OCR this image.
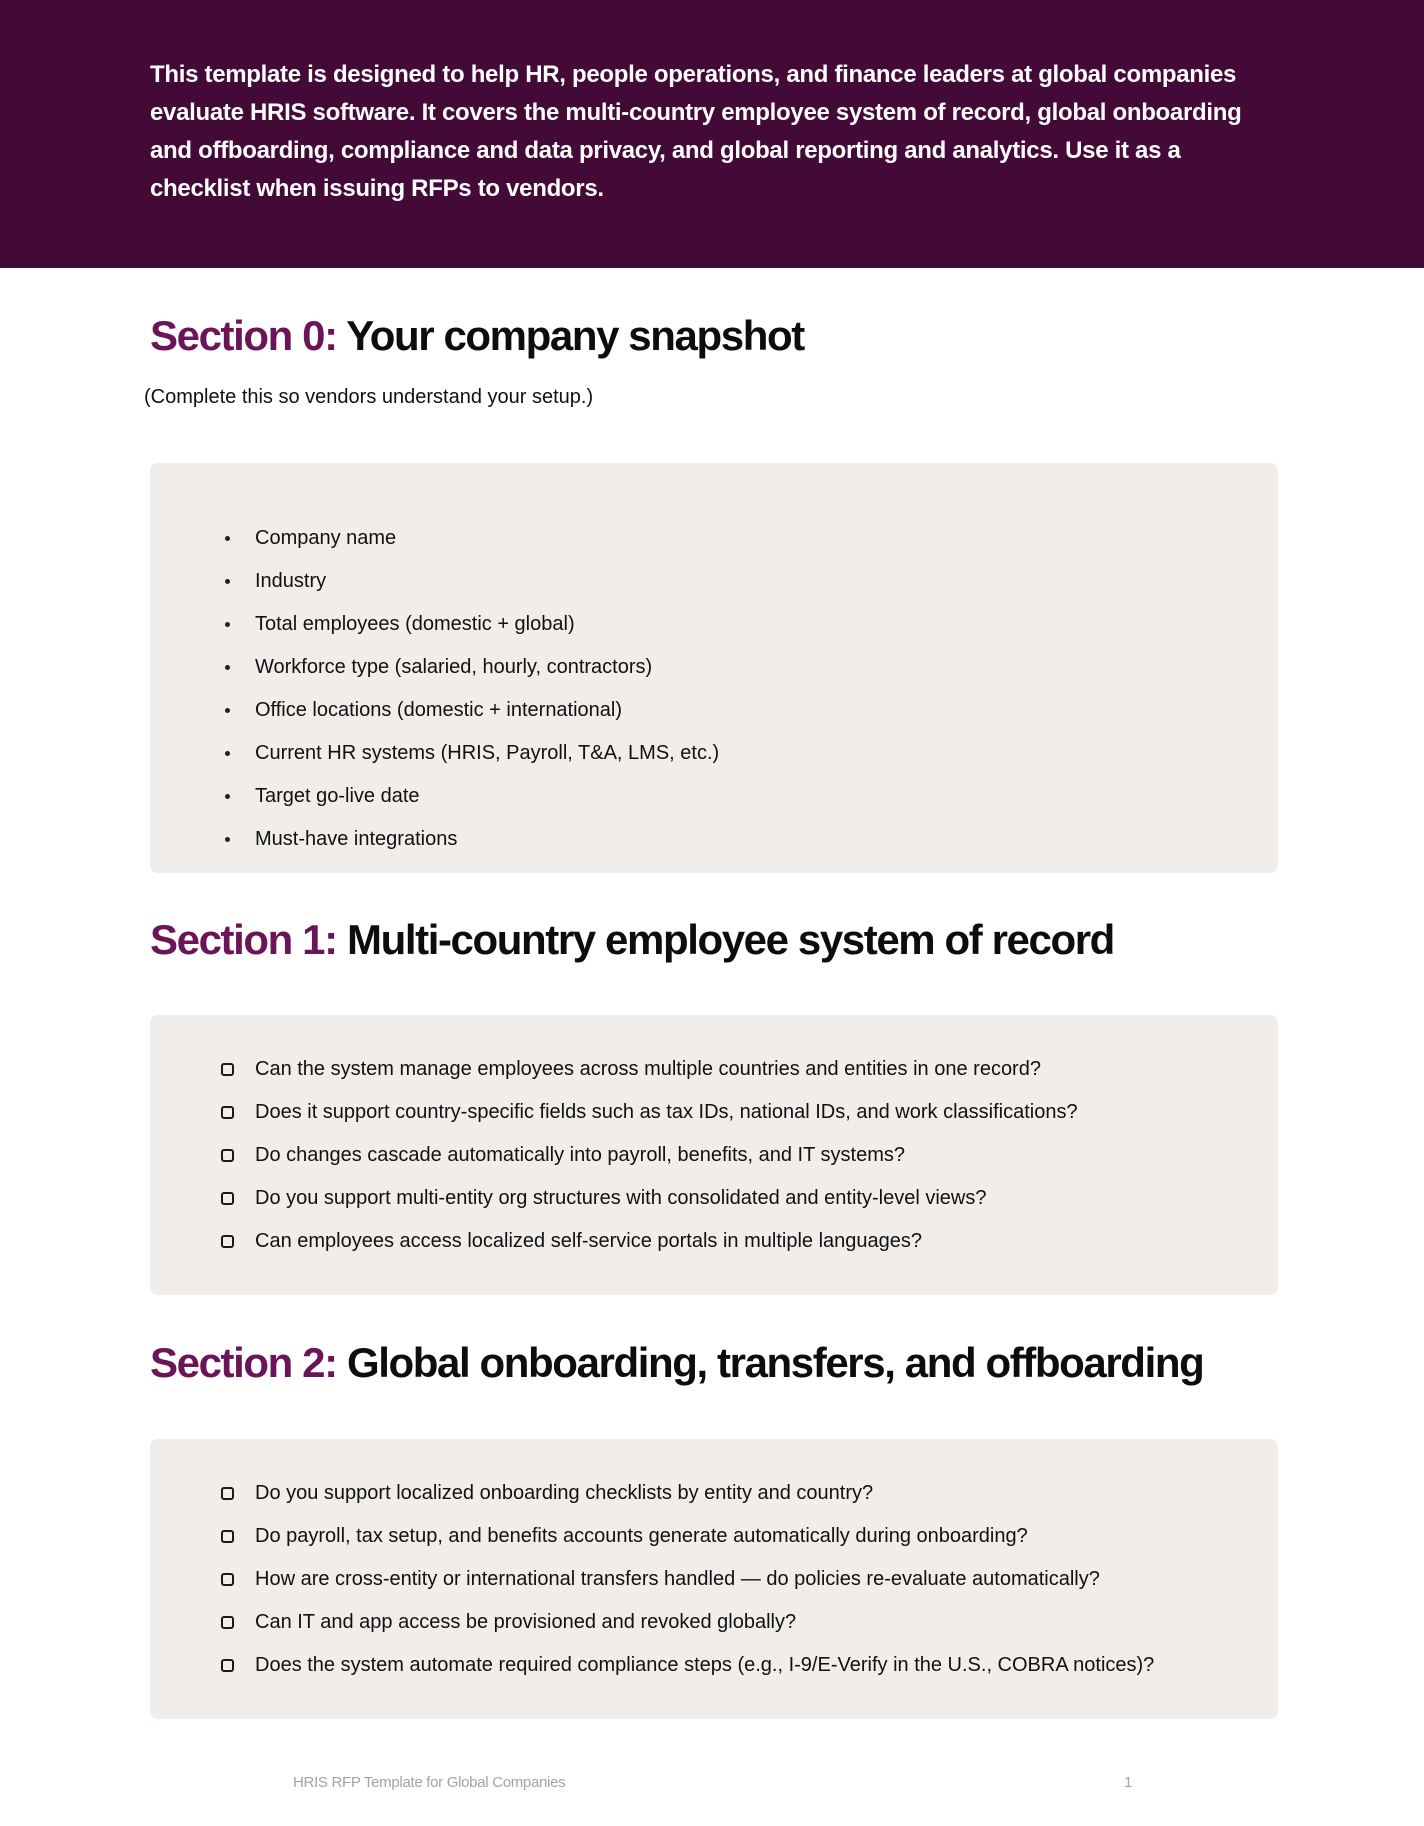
This template is designed to help HR, people operations, and finance leaders at global companies evaluate HRIS software. It covers the multi-country employee system of record, global onboarding and offboarding, compliance and data privacy, and global reporting and analytics. Use it as a checklist when issuing RFPs to vendors.

Section 0: Your company snapshot
(Complete this so vendors understand your setup.)
Company name
Industry
Total employees (domestic + global)
Workforce type (salaried, hourly, contractors)
Office locations (domestic + international)
Current HR systems (HRIS, Payroll, T&A, LMS, etc.)
Target go-live date
Must-have integrations
Section 1: Multi-country employee system of record
Can the system manage employees across multiple countries and entities in one record?
Does it support country-specific fields such as tax IDs, national IDs, and work classifications?
Do changes cascade automatically into payroll, benefits, and IT systems?
Do you support multi-entity org structures with consolidated and entity-level views?
Can employees access localized self-service portals in multiple languages?
Section 2: Global onboarding, transfers, and offboarding
Do you support localized onboarding checklists by entity and country?
Do payroll, tax setup, and benefits accounts generate automatically during onboarding?
How are cross-entity or international transfers handled — do policies re-evaluate automatically?
Can IT and app access be provisioned and revoked globally?
Does the system automate required compliance steps (e.g., I-9/E-Verify in the U.S., COBRA notices)?
HRIS RFP Template for Global Companies	1
